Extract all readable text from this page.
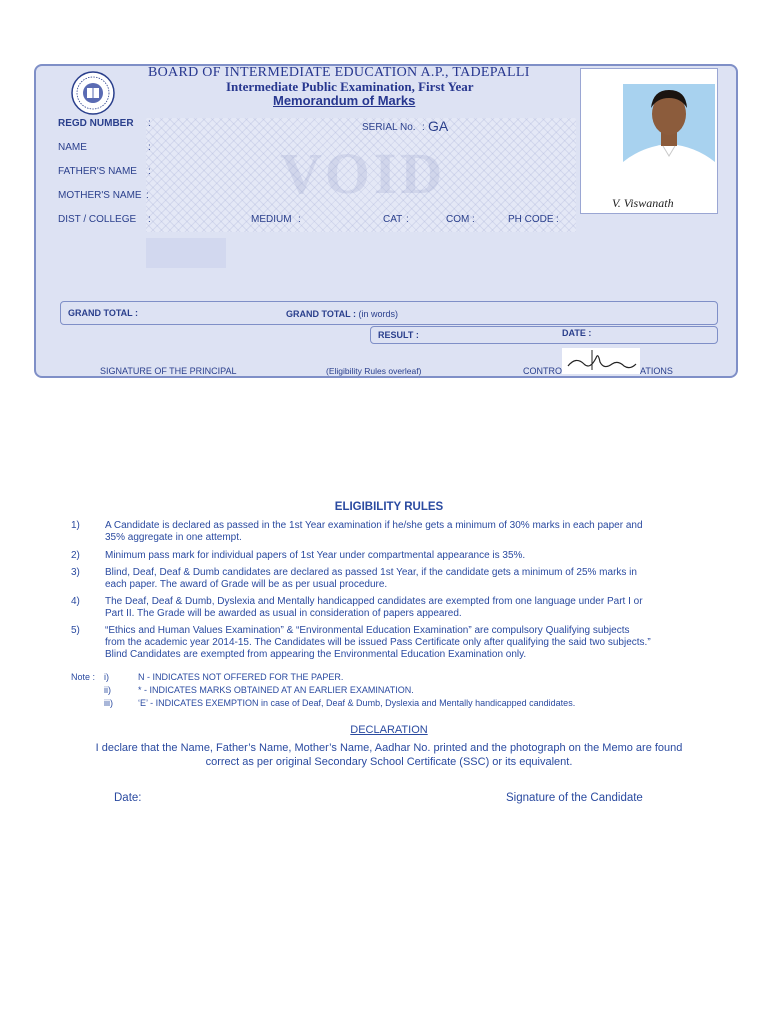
VOID
BOARD OF INTERMEDIATE EDUCATION A.P., TADEPALLI
Intermediate Public Examination, First Year
Memorandum of Marks
REGD NUMBER :	SERIAL No. : GA
NAME	:
FATHER'S NAME :
MOTHER'S NAME :
DIST / COLLEGE :	MEDIUM :	CAT :	COM :	PH CODE :
V. Viswanath
GRAND TOTAL :	GRAND TOTAL : (in words)
RESULT :	DATE :
SIGNATURE OF THE PRINCIPAL	(Eligibility Rules overleaf)	CONTRO	ATIONS
ELIGIBILITY RULES
1)	A Candidate is declared as passed in the 1st Year examination if he/she gets a minimum of 30% marks in each paper and
35% aggregate in one attempt.
2)	Minimum pass mark for individual papers of 1st Year under compartmental appearance is 35%.
3)	Blind, Deaf, Deaf & Dumb candidates are declared as passed 1st Year, if the candidate gets a minimum of 25% marks in
each paper. The award of Grade will be as per usual procedure.
4)	The Deaf, Deaf & Dumb, Dyslexia and Mentally handicapped candidates are exempted from one language under Part I or
Part II. The Grade will be awarded as usual in consideration of papers appeared.
5)	“Ethics and Human Values Examination” & “Environmental Education Examination” are compulsory Qualifying subjects
from the academic year 2014-15. The Candidates will be issued Pass Certificate only after qualifying the said two subjects.”
Blind Candidates are exempted from appearing the Environmental Education Examination only.
Note : i)	N - INDICATES NOT OFFERED FOR THE PAPER.
ii)	* - INDICATES MARKS OBTAINED AT AN EARLIER EXAMINATION.
iii)	‘E’ - INDICATES EXEMPTION in case of Deaf, Deaf & Dumb, Dyslexia and Mentally handicapped candidates.
DECLARATION
I declare that the Name, Father’s Name, Mother’s Name, Aadhar No. printed and the photograph on the Memo are found
correct as per original Secondary School Certificate (SSC) or its equivalent.
Date:	Signature of the Candidate
